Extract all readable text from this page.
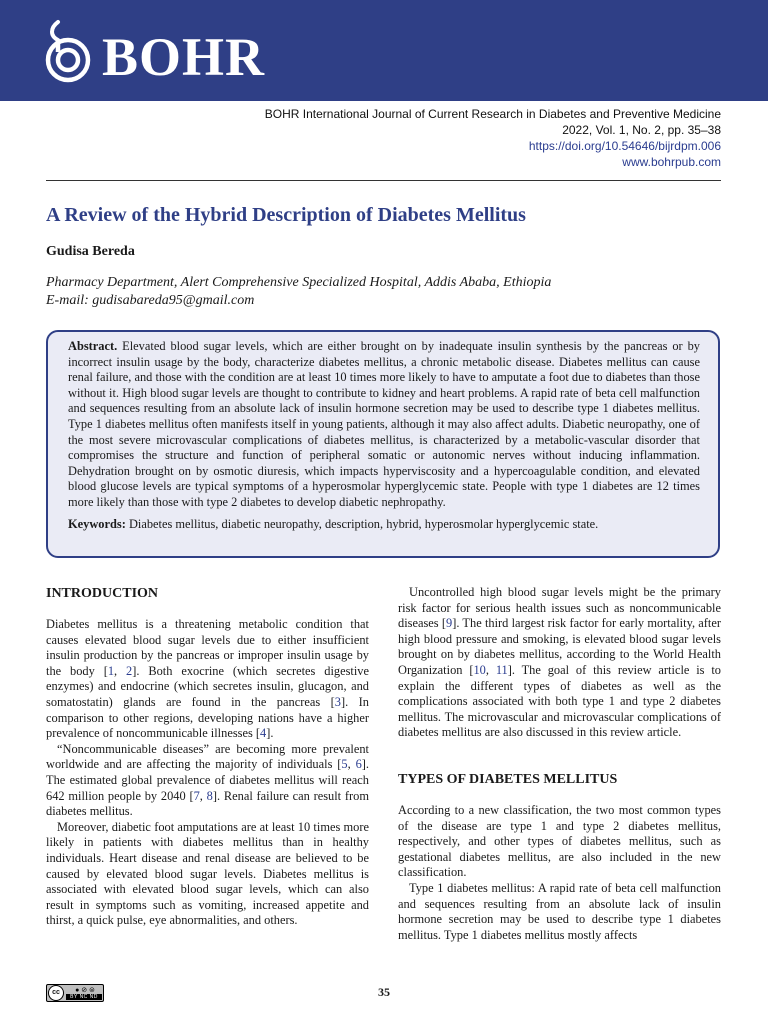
BOHR
BOHR International Journal of Current Research in Diabetes and Preventive Medicine
2022, Vol. 1, No. 2, pp. 35–38
https://doi.org/10.54646/bijrdpm.006
www.bohrpub.com
A Review of the Hybrid Description of Diabetes Mellitus
Gudisa Bereda
Pharmacy Department, Alert Comprehensive Specialized Hospital, Addis Ababa, Ethiopia
E-mail: gudisabareda95@gmail.com

Abstract. Elevated blood sugar levels, which are either brought on by inadequate insulin synthesis by the pancreas or by incorrect insulin usage by the body, characterize diabetes mellitus, a chronic metabolic disease. Diabetes mellitus can cause renal failure, and those with the condition are at least 10 times more likely to have to amputate a foot due to diabetes than those without it. High blood sugar levels are thought to contribute to kidney and heart problems. A rapid rate of beta cell malfunction and sequences resulting from an absolute lack of insulin hormone secretion may be used to describe type 1 diabetes mellitus. Type 1 diabetes mellitus often manifests itself in young patients, although it may also affect adults. Diabetic neuropathy, one of the most severe microvascular complications of diabetes mellitus, is characterized by a metabolic-vascular disorder that compromises the structure and function of peripheral somatic or autonomic nerves without inducing inflammation. Dehydration brought on by osmotic diuresis, which impacts hyperviscosity and a hypercoagulable condition, and elevated blood glucose levels are typical symptoms of a hyperosmolar hyperglycemic state. People with type 1 diabetes are 12 times more likely than those with type 2 diabetes to develop diabetic nephropathy.

Keywords: Diabetes mellitus, diabetic neuropathy, description, hybrid, hyperosmolar hyperglycemic state.

INTRODUCTION

Diabetes mellitus is a threatening metabolic condition that causes elevated blood sugar levels due to either insufficient insulin production by the pancreas or improper insulin usage by the body [1, 2]. Both exocrine (which secretes digestive enzymes) and endocrine (which secretes insulin, glucagon, and somatostatin) glands are found in the pancreas [3]. In comparison to other regions, developing nations have a higher prevalence of noncommunicable illnesses [4].

“Noncommunicable diseases” are becoming more prevalent worldwide and are affecting the majority of individuals [5, 6]. The estimated global prevalence of diabetes mellitus will reach 642 million people by 2040 [7, 8]. Renal failure can result from diabetes mellitus.

Moreover, diabetic foot amputations are at least 10 times more likely in patients with diabetes mellitus than in healthy individuals. Heart disease and renal disease are believed to be caused by elevated blood sugar levels. Diabetes mellitus is associated with elevated blood sugar levels, which can also result in symptoms such as vomiting, increased appetite and thirst, a quick pulse, eye abnormalities, and others.

Uncontrolled high blood sugar levels might be the primary risk factor for serious health issues such as noncommunicable diseases [9]. The third largest risk factor for early mortality, after high blood pressure and smoking, is elevated blood sugar levels brought on by diabetes mellitus, according to the World Health Organization [10, 11]. The goal of this review article is to explain the different types of diabetes as well as the complications associated with both type 1 and type 2 diabetes mellitus. The microvascular and microvascular complications of diabetes mellitus are also discussed in this review article.

TYPES OF DIABETES MELLITUS

According to a new classification, the two most common types of the disease are type 1 and type 2 diabetes mellitus, respectively, and other types of diabetes mellitus, such as gestational diabetes mellitus, are also included in the new classification.

Type 1 diabetes mellitus: A rapid rate of beta cell malfunction and sequences resulting from an absolute lack of insulin hormone secretion may be used to describe type 1 diabetes mellitus. Type 1 diabetes mellitus mostly affects

cc	● ⊘ ⊜
BY NC ND	35
